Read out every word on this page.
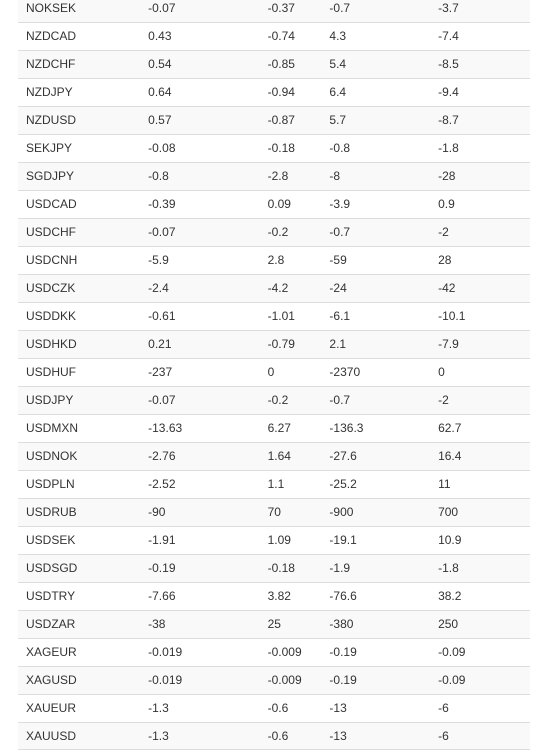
NOKSEK	-0.07	-0.37	-0.7	-3.7
NZDCAD	0.43	-0.74	4.3	-7.4
NZDCHF	0.54	-0.85	5.4	-8.5
NZDJPY	0.64	-0.94	6.4	-9.4
NZDUSD	0.57	-0.87	5.7	-8.7
SEKJPY	-0.08	-0.18	-0.8	-1.8
SGDJPY	-0.8	-2.8	-8	-28
USDCAD	-0.39	0.09	-3.9	0.9
USDCHF	-0.07	-0.2	-0.7	-2
USDCNH	-5.9	2.8	-59	28
USDCZK	-2.4	-4.2	-24	-42
USDDKK	-0.61	-1.01	-6.1	-10.1
USDHKD	0.21	-0.79	2.1	-7.9
USDHUF	-237	0	-2370	0
USDJPY	-0.07	-0.2	-0.7	-2
USDMXN	-13.63	6.27	-136.3	62.7
USDNOK	-2.76	1.64	-27.6	16.4
USDPLN	-2.52	1.1	-25.2	11
USDRUB	-90	70	-900	700
USDSEK	-1.91	1.09	-19.1	10.9
USDSGD	-0.19	-0.18	-1.9	-1.8
USDTRY	-7.66	3.82	-76.6	38.2
USDZAR	-38	25	-380	250
XAGEUR	-0.019	-0.009	-0.19	-0.09
XAGUSD	-0.019	-0.009	-0.19	-0.09
XAUEUR	-1.3	-0.6	-13	-6
XAUUSD	-1.3	-0.6	-13	-6
